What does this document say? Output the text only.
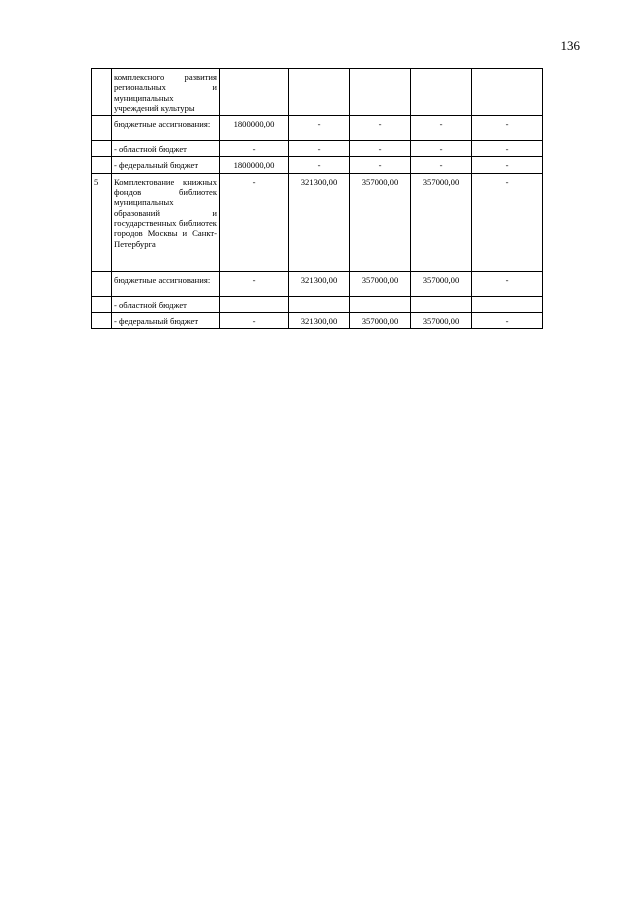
136
	комплексного развития региональных и муниципальных учреждений культуры					
	бюджетные ассигнования:	1800000,00	-	-	-	-
	- областной бюджет	-	-	-	-	-
	- федеральный бюджет	1800000,00	-	-	-	-
5	Комплектование книжных фондов библиотек муниципальных образований и государственных библиотек городов Москвы и Санкт-Петербурга	-	321300,00	357000,00	357000,00	-
	бюджетные ассигнования:	-	321300,00	357000,00	357000,00	-
	- областной бюджет					
	- федеральный бюджет	-	321300,00	357000,00	357000,00	-
